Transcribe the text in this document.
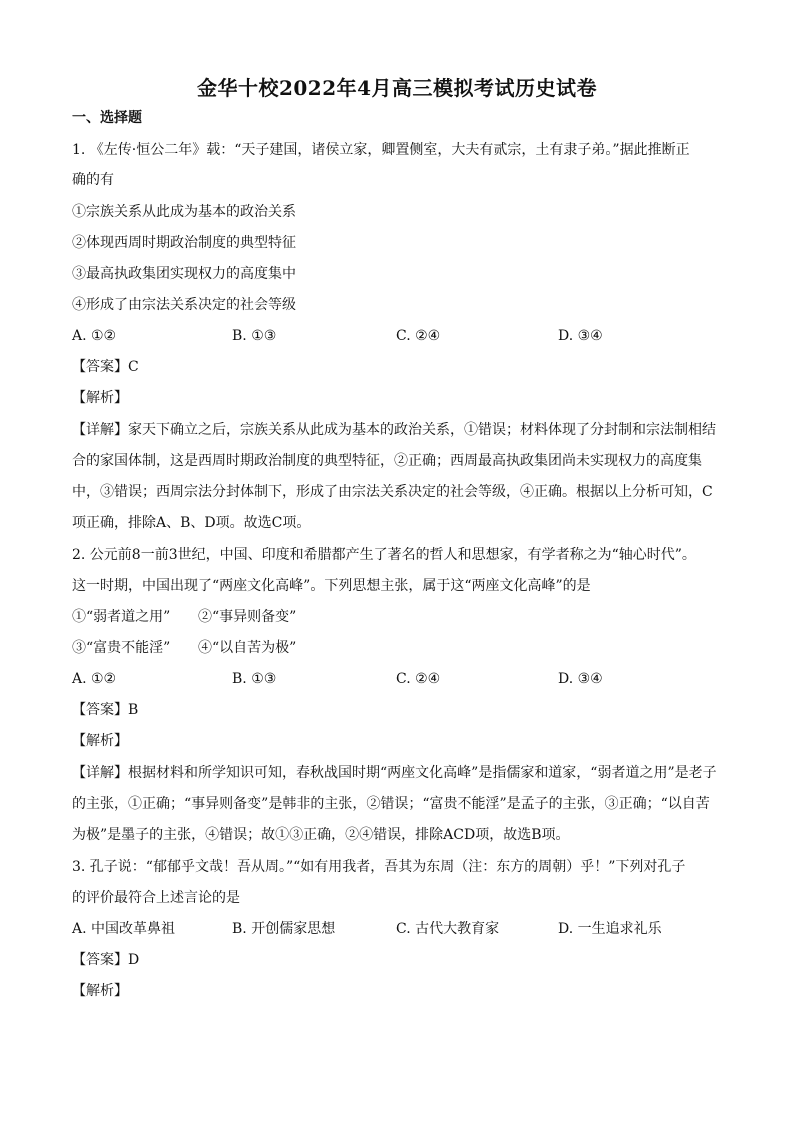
金华十校2022年4月高三模拟考试历史试卷
一、选择题
1. 《左传·恒公二年》载：“天子建国，诸侯立家，卿置侧室，大夫有贰宗，土有隶子弟。”据此推断正
确的有
①宗族关系从此成为基本的政治关系
②体现西周时期政治制度的典型特征
③最高执政集团实现权力的高度集中
④形成了由宗法关系决定的社会等级
A. ①②	B. ①③	C. ②④	D. ③④
【答案】C
【解析】
【详解】家天下确立之后，宗族关系从此成为基本的政治关系，①错误；材料体现了分封制和宗法制相结
合的家国体制，这是西周时期政治制度的典型特征，②正确；西周最高执政集团尚未实现权力的高度集
中，③错误；西周宗法分封体制下，形成了由宗法关系决定的社会等级，④正确。根据以上分析可知，C
项正确，排除A、B、D项。故选C项。
2. 公元前8一前3世纪，中国、印度和希腊都产生了著名的哲人和思想家，有学者称之为“轴心时代”。
这一时期，中国出现了“两座文化高峰”。下列思想主张，属于这“两座文化高峰”的是
①“弱者道之用” ②“事异则备变”
③“富贵不能淫” ④“以自苦为极”
A. ①②	B. ①③	C. ②④	D. ③④
【答案】B
【解析】
【详解】根据材料和所学知识可知，春秋战国时期“两座文化高峰”是指儒家和道家，“弱者道之用”是老子
的主张，①正确；“事异则备变”是韩非的主张，②错误；“富贵不能淫”是孟子的主张，③正确；“以自苦
为极”是墨子的主张，④错误；故①③正确，②④错误，排除ACD项，故选B项。
3. 孔子说：“郁郁乎文哉！吾从周。”“如有用我者，吾其为东周（注：东方的周朝）乎！”下列对孔子
的评价最符合上述言论的是
A. 中国改革鼻祖	B. 开创儒家思想	C. 古代大教育家	D. 一生追求礼乐
【答案】D
【解析】
